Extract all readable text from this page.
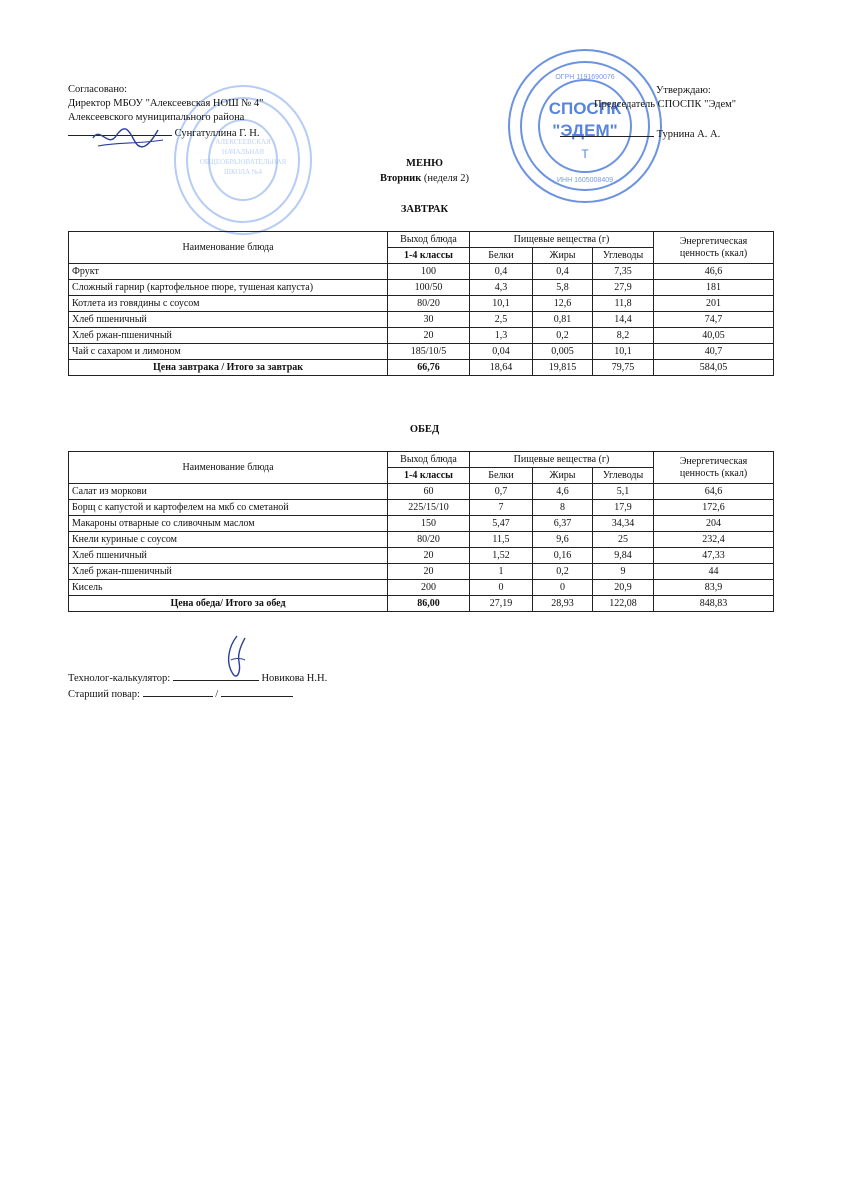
АЛЕКСЕЕВСКАЯ
НАЧАЛЬНАЯ
ОБЩЕОБРАЗОВАТЕЛЬНАЯ
ШКОЛА №4
СПОСПК
"ЭДЕМ"
Т
ОГРН 1191690076
ИНН 1605008409
Согласовано:
Директор МБОУ "Алексеевская НОШ № 4"
Алексеевского муниципального района
Сунгатуллина Г. Н.
Утверждаю:
Председатель СПОСПК "Эдем"
Турнина А. А.
МЕНЮ
Вторник (неделя 2)
ЗАВТРАК
Наименование блюда	Выход блюда	Пищевые вещества (г)			Энергетическая ценность (ккал)
	1-4 классы	Белки	Жиры	Углеводы	
Фрукт	100	0,4	0,4	7,35	46,6
Сложный гарнир (картофельное пюре, тушеная капуста)	100/50	4,3	5,8	27,9	181
Котлета из говядины с соусом	80/20	10,1	12,6	11,8	201
Хлеб пшеничный	30	2,5	0,81	14,4	74,7
Хлеб ржан-пшеничный	20	1,3	0,2	8,2	40,05
Чай с сахаром и лимоном	185/10/5	0,04	0,005	10,1	40,7
Цена завтрака / Итого за завтрак	66,76	18,64	19,815	79,75	584,05
ОБЕД
Наименование блюда	Выход блюда	Пищевые вещества (г)			Энергетическая ценность (ккал)
	1-4 классы	Белки	Жиры	Углеводы	
Салат из моркови	60	0,7	4,6	5,1	64,6
Борщ с капустой и картофелем на мкб со сметаной	225/15/10	7	8	17,9	172,6
Макароны отварные со сливочным маслом	150	5,47	6,37	34,34	204
Кнели куриные с соусом	80/20	11,5	9,6	25	232,4
Хлеб пшеничный	20	1,52	0,16	9,84	47,33
Хлеб ржан-пшеничный	20	1	0,2	9	44
Кисель	200	0	0	20,9	83,9
Цена обеда/ Итого за обед	86,00	27,19	28,93	122,08	848,83
Технолог-калькулятор:	Новикова Н.Н.
Старший повар:	/
